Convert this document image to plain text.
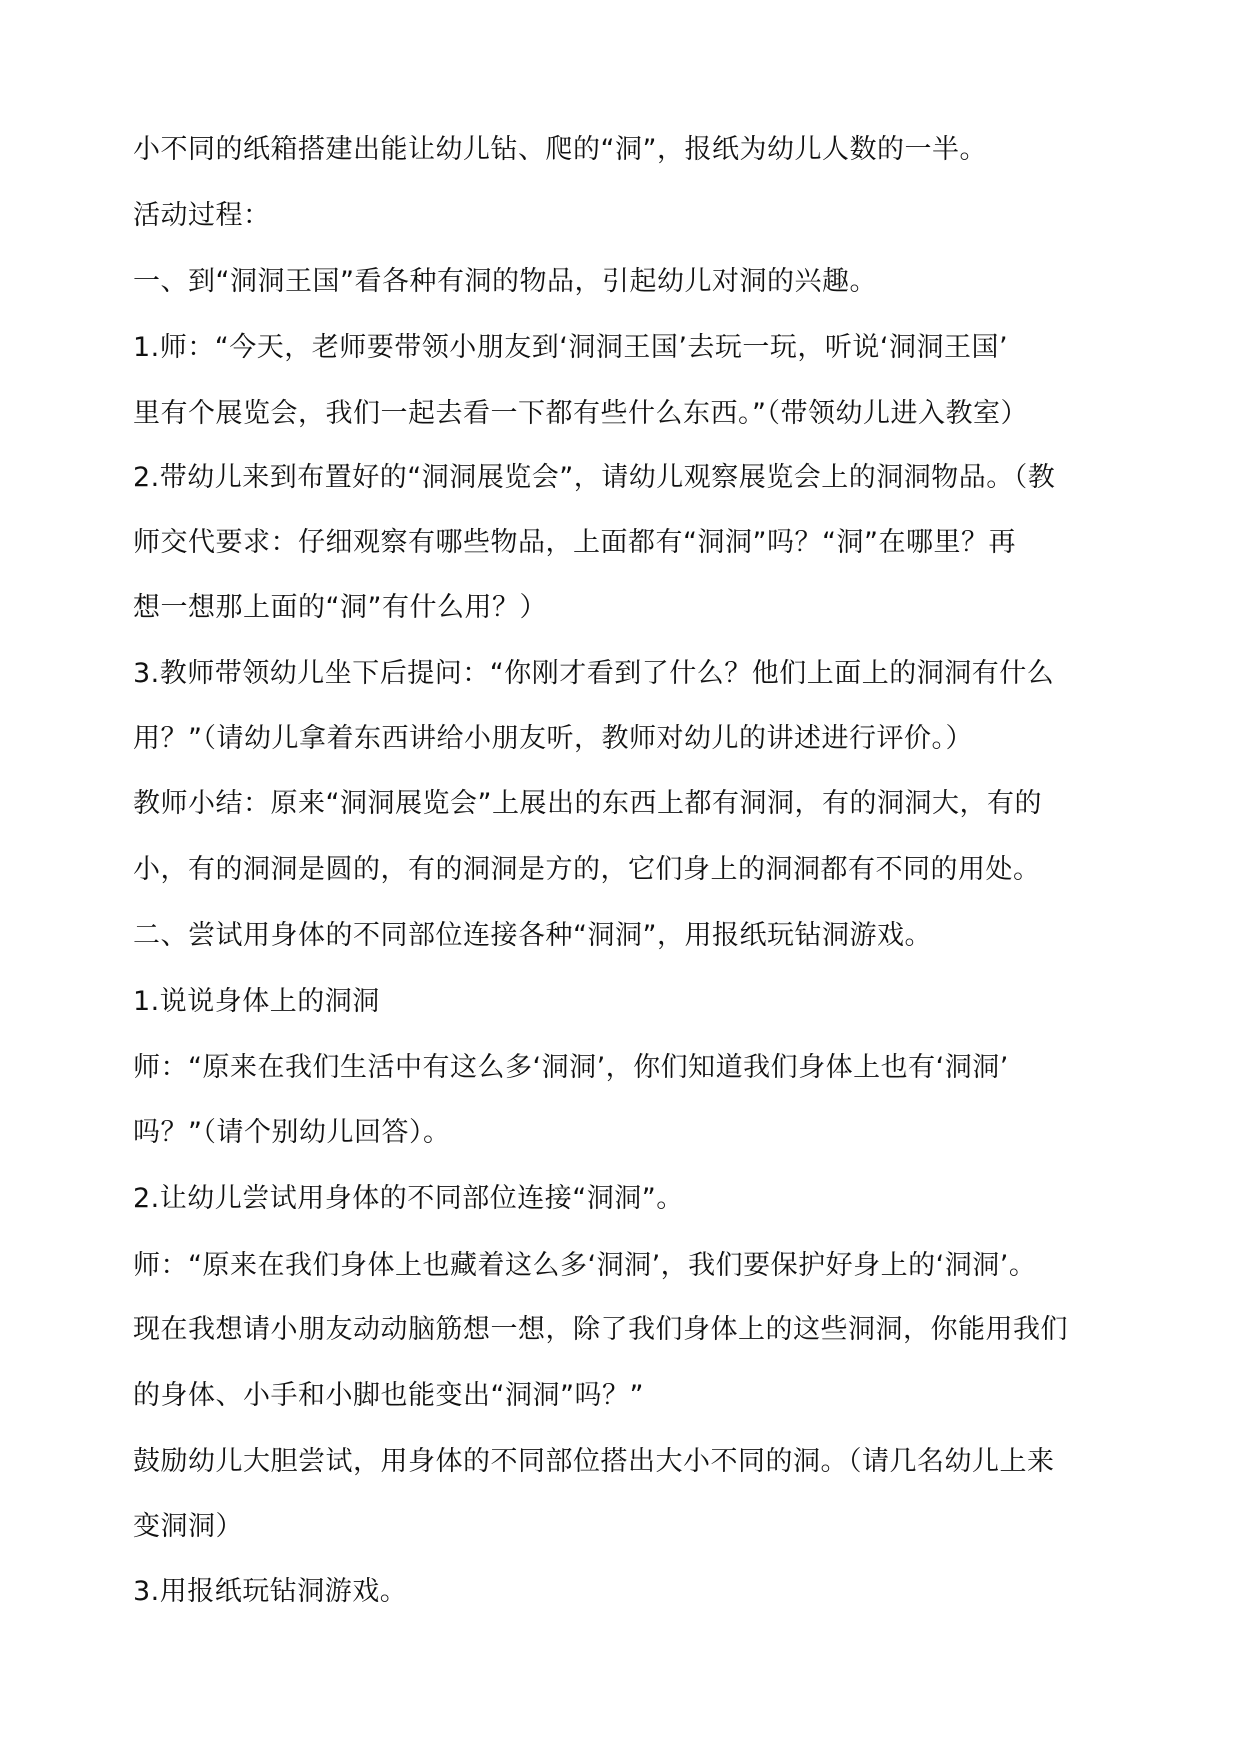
小不同的纸箱搭建出能让幼儿钻、爬的“洞”，报纸为幼儿人数的一半。
活动过程：
一、到“洞洞王国”看各种有洞的物品，引起幼儿对洞的兴趣。
1.师：“今天，老师要带领小朋友到‘洞洞王国’去玩一玩，听说‘洞洞王国’
里有个展览会，我们一起去看一下都有些什么东西。”（带领幼儿进入教室）
2.带幼儿来到布置好的“洞洞展览会”，请幼儿观察展览会上的洞洞物品。（教
师交代要求：仔细观察有哪些物品，上面都有“洞洞”吗？“洞”在哪里？再
想一想那上面的“洞”有什么用？）
3.教师带领幼儿坐下后提问：“你刚才看到了什么？他们上面上的洞洞有什么
用？”（请幼儿拿着东西讲给小朋友听，教师对幼儿的讲述进行评价。）
教师小结：原来“洞洞展览会”上展出的东西上都有洞洞，有的洞洞大，有的
小，有的洞洞是圆的，有的洞洞是方的，它们身上的洞洞都有不同的用处。
二、尝试用身体的不同部位连接各种“洞洞”，用报纸玩钻洞游戏。
1.说说身体上的洞洞
师：“原来在我们生活中有这么多‘洞洞’，你们知道我们身体上也有‘洞洞’
吗？”（请个别幼儿回答）。
2.让幼儿尝试用身体的不同部位连接“洞洞”。
师：“原来在我们身体上也藏着这么多‘洞洞’，我们要保护好身上的‘洞洞’。
现在我想请小朋友动动脑筋想一想，除了我们身体上的这些洞洞，你能用我们
的身体、小手和小脚也能变出“洞洞”吗？”
鼓励幼儿大胆尝试，用身体的不同部位搭出大小不同的洞。（请几名幼儿上来
变洞洞）
3.用报纸玩钻洞游戏。
